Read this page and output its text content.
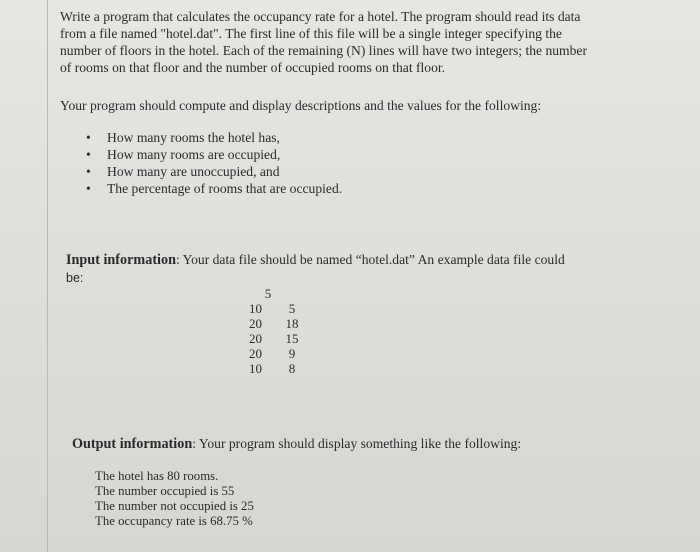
Write a program that calculates the occupancy rate for a hotel. The program should read its data
from a file named "hotel.dat". The first line of this file will be a single integer specifying the
number of floors in the hotel. Each of the remaining (N) lines will have two integers; the number
of rooms on that floor and the number of occupied rooms on that floor.
Your program should compute and display descriptions and the values for the following:
• How many rooms the hotel has,
• How many rooms are occupied,
• How many are unoccupied, and
• The percentage of rooms that are occupied.
Input information: Your data file should be named “hotel.dat” An example data file could
be:
5
10	5
20 18
20 15
20	9
10	8
Output information: Your program should display something like the following:
The hotel has 80 rooms.
The number occupied is 55
The number not occupied is 25
The occupancy rate is 68.75 %
